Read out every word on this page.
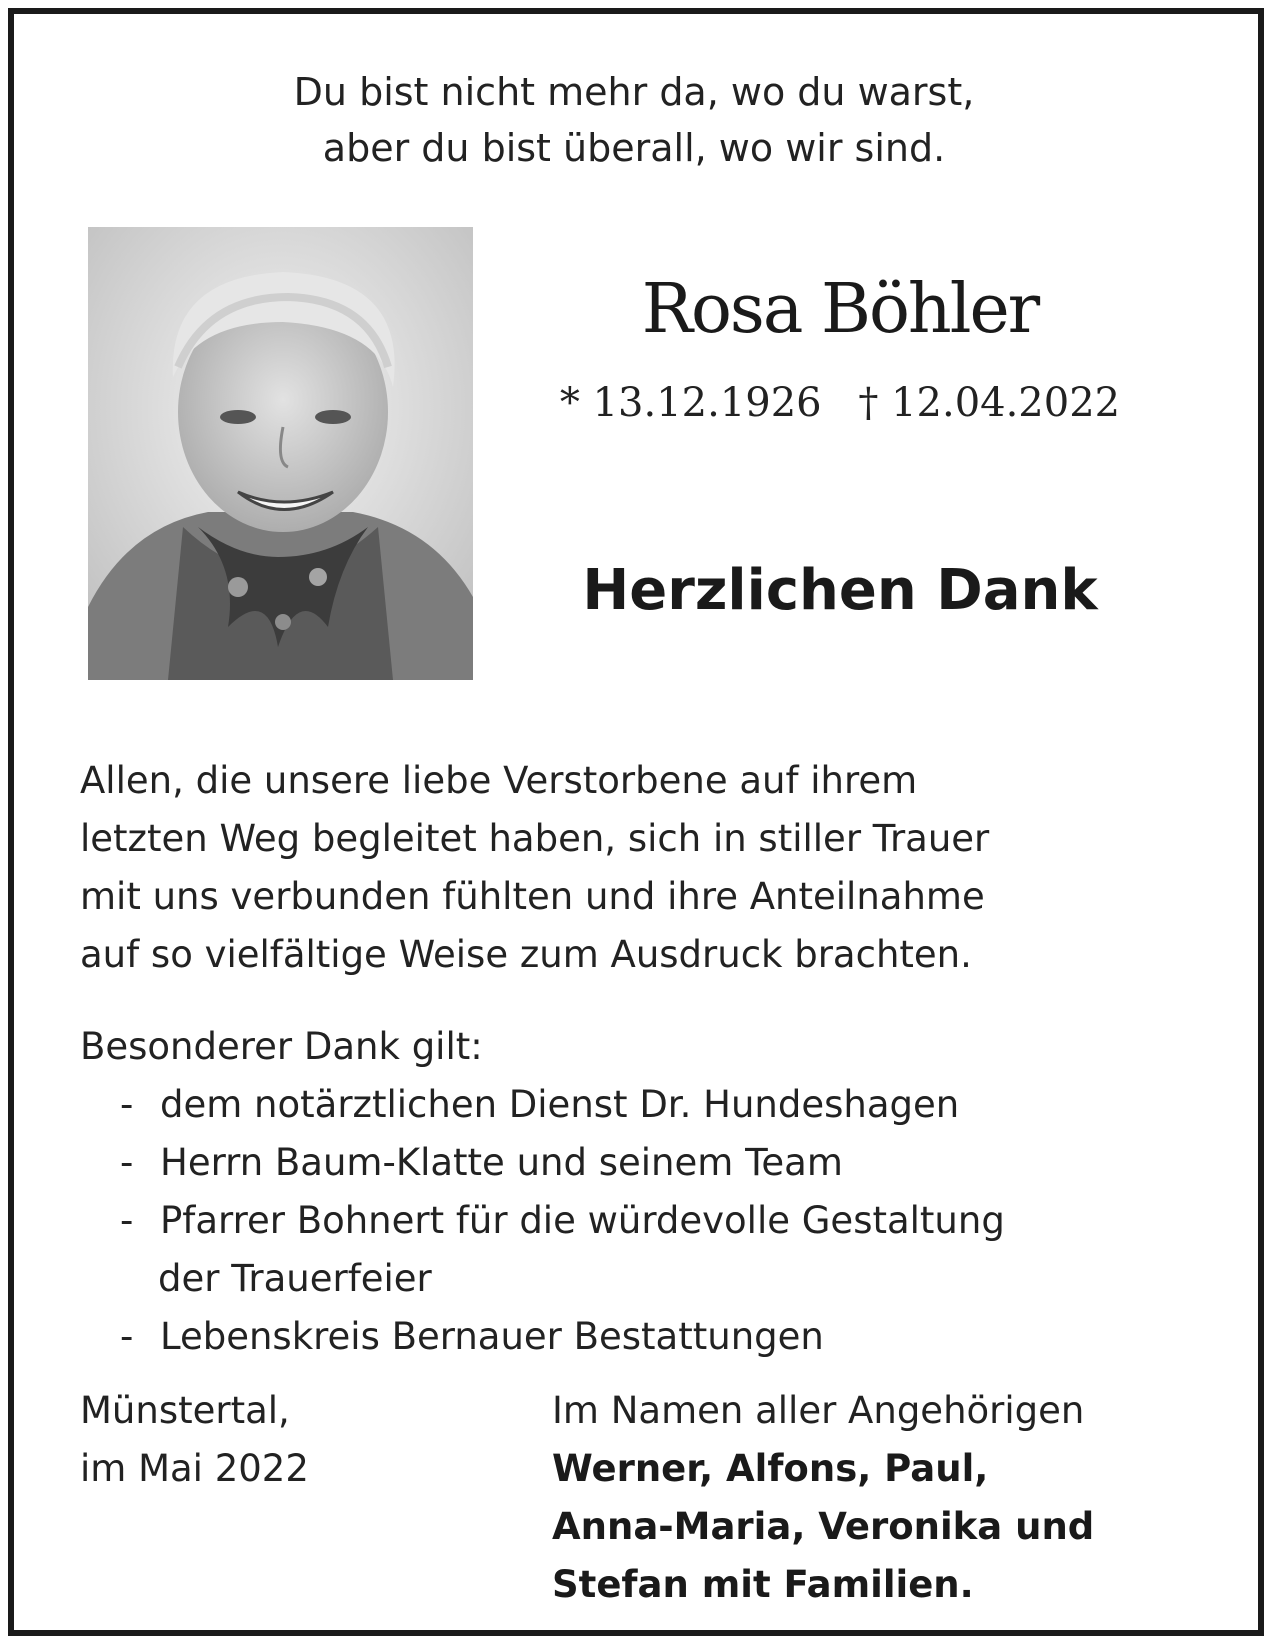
Du bist nicht mehr da, wo du warst,
aber du bist überall, wo wir sind.
Rosa Böhler
* 13.12.1926 † 12.04.2022
Herzlichen Dank
Allen, die unsere liebe Verstorbene auf ihrem
letzten Weg begleitet haben, sich in stiller Trauer
mit uns verbunden fühlten und ihre Anteilnahme
auf so vielfältige Weise zum Ausdruck brachten.
Besonderer Dank gilt:
- dem notärztlichen Dienst Dr. Hundeshagen
- Herrn Baum-Klatte und seinem Team
- Pfarrer Bohnert für die würdevolle Gestaltung
der Trauerfeier
- Lebenskreis Bernauer Bestattungen
Münstertal,
im Mai 2022
Im Namen aller Angehörigen
Werner, Alfons, Paul,
Anna-Maria, Veronika und
Stefan mit Familien.
